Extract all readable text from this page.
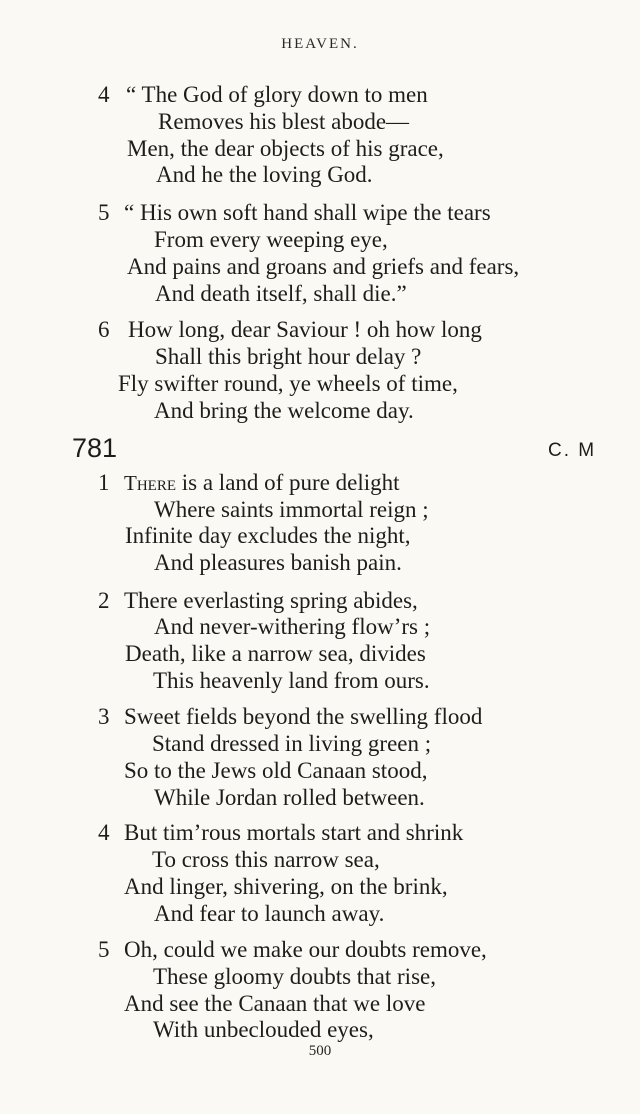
HEAVEN.
4 “ The God of glory down to men
Removes his blest abode—
Men, the dear objects of his grace,
And he the loving God.
5 “ His own soft hand shall wipe the tears
From every weeping eye,
And pains and groans and griefs and fears,
And death itself, shall die.”
6 How long, dear Saviour ! oh how long
Shall this bright hour delay ?
Fly swifter round, ye wheels of time,
And bring the welcome day.
781	C. M
1 There is a land of pure delight
Where saints immortal reign ;
Infinite day excludes the night,
And pleasures banish pain.
2 There everlasting spring abides,
And never-withering flow’rs ;
Death, like a narrow sea, divides
This heavenly land from ours.
3 Sweet fields beyond the swelling flood
Stand dressed in living green ;
So to the Jews old Canaan stood,
While Jordan rolled between.
4 But tim’rous mortals start and shrink
To cross this narrow sea,
And linger, shivering, on the brink,
And fear to launch away.
5 Oh, could we make our doubts remove,
These gloomy doubts that rise,
And see the Canaan that we love
With unbeclouded eyes,
500
